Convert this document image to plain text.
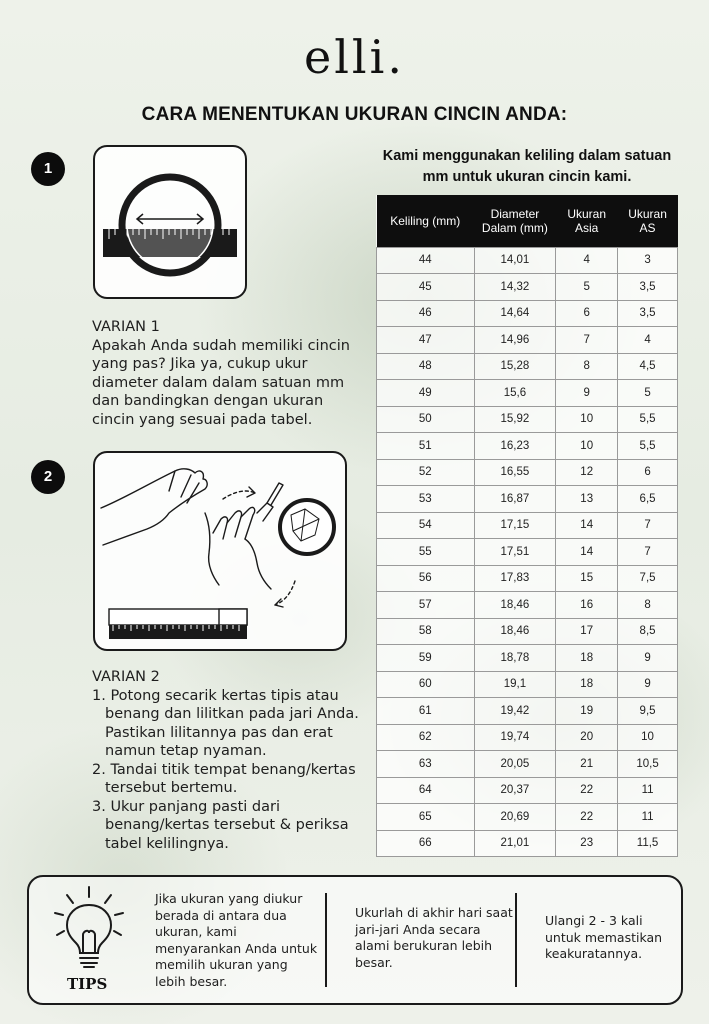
elli.
CARA MENENTUKAN UKURAN CINCIN ANDA:
1
VARIAN 1
Apakah Anda sudah memiliki cincin yang pas? Jika ya, cukup ukur diameter dalam dalam satuan mm dan bandingkan dengan ukuran cincin yang sesuai pada tabel.
2
VARIAN 2
1. Potong secarik kertas tipis atau benang dan lilitkan pada jari Anda. Pastikan lilitannya pas dan erat namun tetap nyaman.
2. Tandai titik tempat benang/kertas tersebut bertemu.
3. Ukur panjang pasti dari benang/kertas tersebut & periksa tabel kelilingnya.
Kami menggunakan keliling dalam satuan mm untuk ukuran cincin kami.
Keliling (mm)	Diameter Dalam (mm)	Ukuran Asia	Ukuran AS
44	14,01	4	3
45	14,32	5	3,5
46	14,64	6	3,5
47	14,96	7	4
48	15,28	8	4,5
49	15,6	9	5
50	15,92	10	5,5
51	16,23	10	5,5
52	16,55	12	6
53	16,87	13	6,5
54	17,15	14	7
55	17,51	14	7
56	17,83	15	7,5
57	18,46	16	8
58	18,46	17	8,5
59	18,78	18	9
60	19,1	18	9
61	19,42	19	9,5
62	19,74	20	10
63	20,05	21	10,5
64	20,37	22	11
65	20,69	22	11
66	21,01	23	11,5
TIPS
Jika ukuran yang diukur berada di antara dua ukuran, kami menyarankan Anda untuk memilih ukuran yang lebih besar.
Ukurlah di akhir hari saat jari-jari Anda secara alami berukuran lebih besar.
Ulangi 2 - 3 kali untuk memastikan keakuratannya.
